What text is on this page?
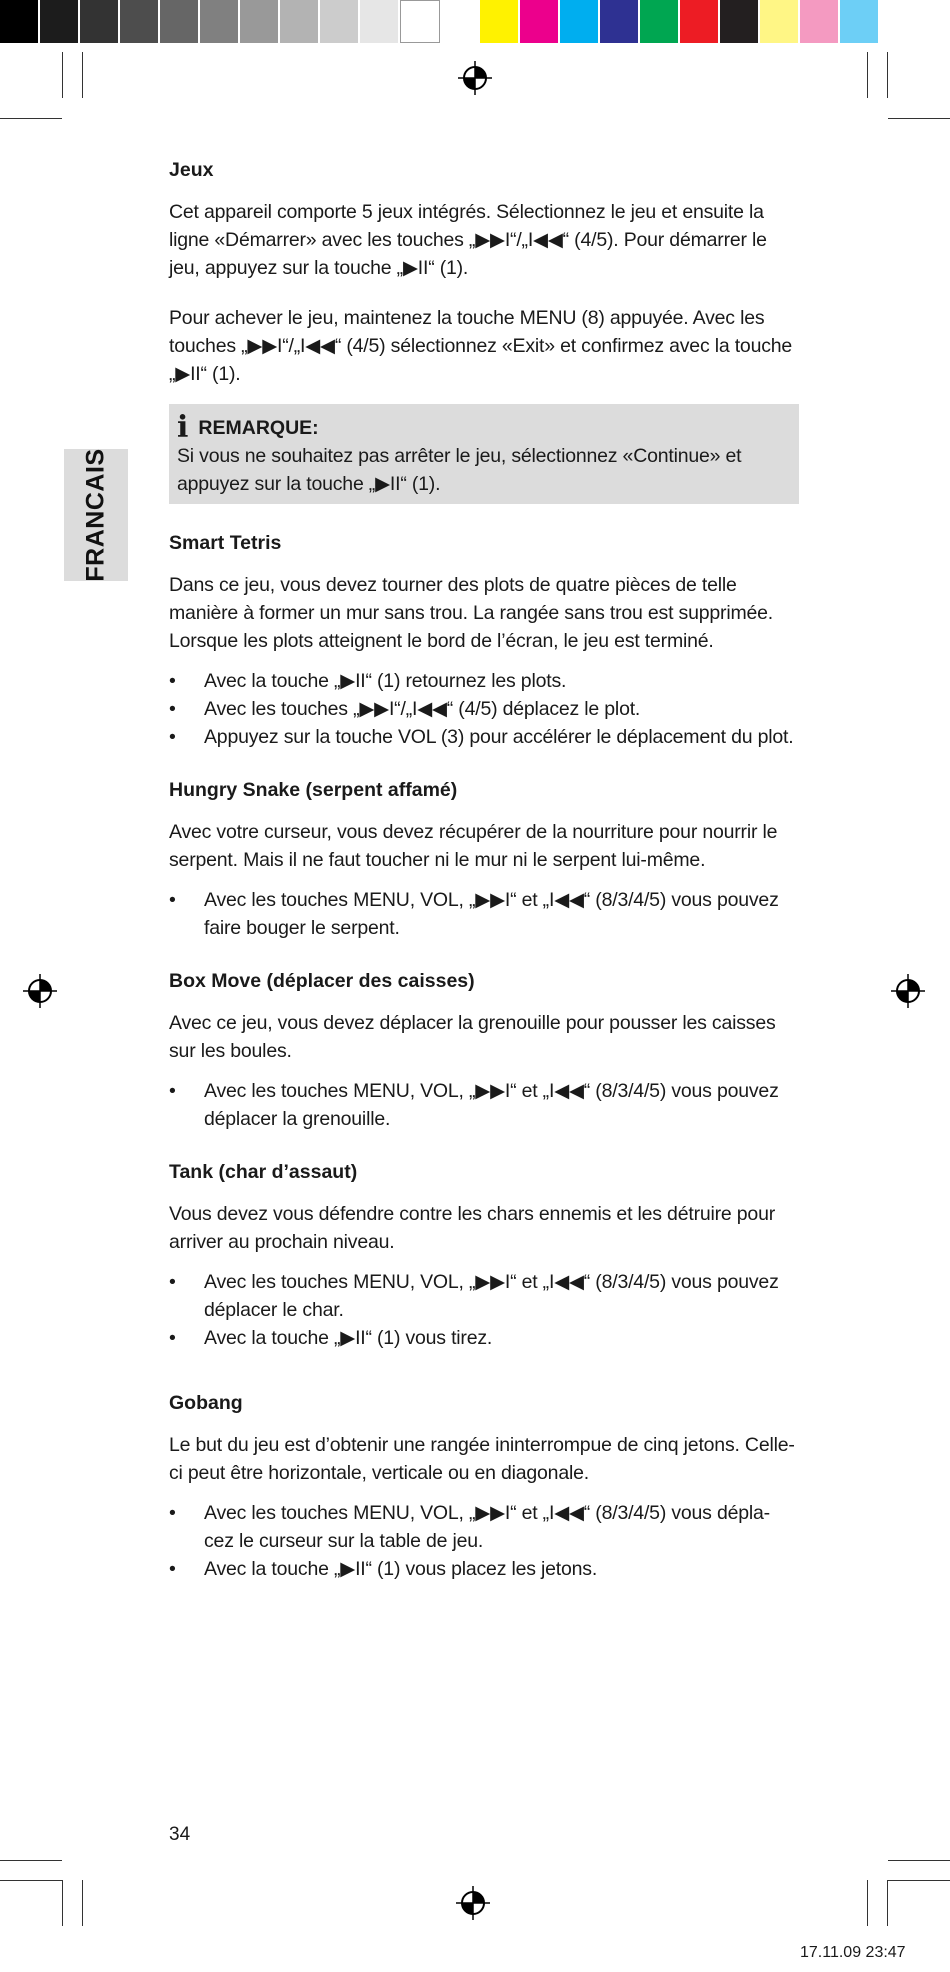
FRANCAIS
Jeux

Cet appareil comporte 5 jeux intégrés. Sélectionnez le jeu et ensuite la ligne «Démarrer» avec les touches „▶▶I“/„I◀◀“ (4/5). Pour démarrer le jeu, appuyez sur la touche „▶II“ (1).

Pour achever le jeu, maintenez la touche MENU (8) appuyée. Avec les touches „▶▶I“/„I◀◀“ (4/5) sélectionnez «Exit» et confirmez avec la touche „▶II“ (1).

i REMARQUE:

Si vous ne souhaitez pas arrêter le jeu, sélectionnez «Continue» et appuyez sur la touche „▶II“ (1).

Smart Tetris

Dans ce jeu, vous devez tourner des plots de quatre pièces de telle manière à former un mur sans trou. La rangée sans trou est supprimée. Lorsque les plots atteignent le bord de l’écran, le jeu est terminé.

• Avec la touche „▶II“ (1) retournez les plots.
• Avec les touches „▶▶I“/„I◀◀“ (4/5) déplacez le plot.
• Appuyez sur la touche VOL (3) pour accélérer le déplacement du plot.
Hungry Snake (serpent affamé)

Avec votre curseur, vous devez récupérer de la nourriture pour nourrir le serpent. Mais il ne faut toucher ni le mur ni le serpent lui-même.

• Avec les touches MENU, VOL, „▶▶I“ et „I◀◀“ (8/3/4/5) vous pouvez faire bouger le serpent.
Box Move (déplacer des caisses)

Avec ce jeu, vous devez déplacer la grenouille pour pousser les caisses sur les boules.

• Avec les touches MENU, VOL, „▶▶I“ et „I◀◀“ (8/3/4/5) vous pouvez déplacer la grenouille.
Tank (char d’assaut)

Vous devez vous défendre contre les chars ennemis et les détruire pour arriver au prochain niveau.

• Avec les touches MENU, VOL, „▶▶I“ et „I◀◀“ (8/3/4/5) vous pouvez déplacer le char.
• Avec la touche „▶II“ (1) vous tirez.
Gobang

Le but du jeu est d’obtenir une rangée ininterrompue de cinq jetons. Celle-ci peut être horizontale, verticale ou en diagonale.

• Avec les touches MENU, VOL, „▶▶I“ et „I◀◀“ (8/3/4/5) vous dépla-cez le curseur sur la table de jeu.
• Avec la touche „▶II“ (1) vous placez les jetons.
34
17.11.09 23:47
